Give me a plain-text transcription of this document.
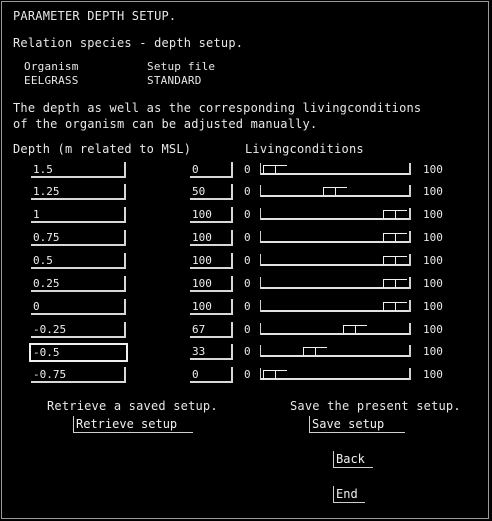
PARAMETER DEPTH SETUP.
Relation species - depth setup.
Organism	Setup file
EELGRASS	STANDARD
The depth as well as the corresponding livingconditions
of the organism can be adjusted manually.
Depth (m related to MSL)	Livingconditions
1.5	0	0	100
1.25	50	0	100
1	100	0	100
0.75	100	0	100
0.5	100	0	100
0.25	100	0	100
0	100	0	100
-0.25	67	0	100
-0.5	33	0	100
-0.75	0	0	100
Retrieve a saved setup.
Retrieve setup
Save the present setup.
Save setup
Back
End
